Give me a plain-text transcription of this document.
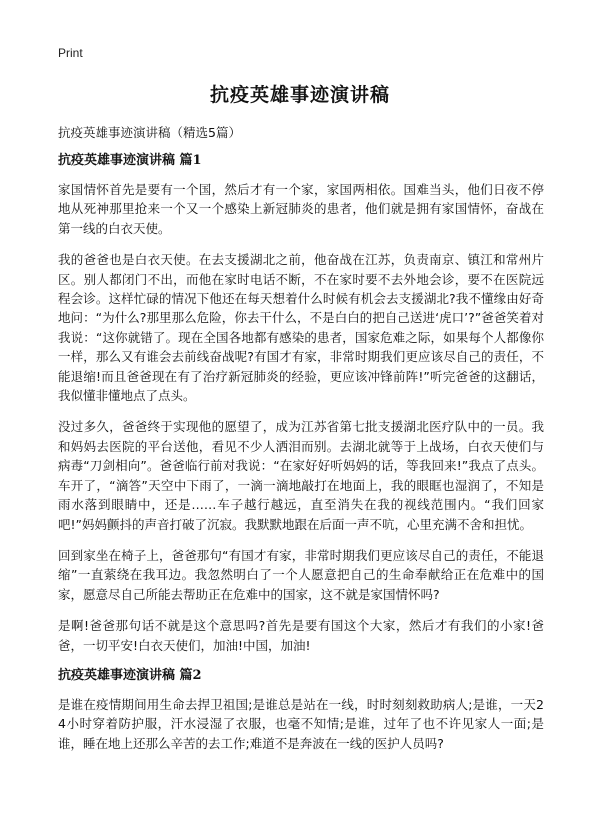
Print
抗疫英雄事迹演讲稿
抗疫英雄事迹演讲稿（精选5篇）
抗疫英雄事迹演讲稿 篇1

家国情怀首先是要有一个国，然后才有一个家，家国两相依。国难当头，他们日夜不停地从死神那里抢来一个又一个感染上新冠肺炎的患者，他们就是拥有家国情怀，奋战在第一线的白衣天使。

我的爸爸也是白衣天使。在去支援湖北之前，他奋战在江苏，负责南京、镇江和常州片区。别人都闭门不出，而他在家时电话不断，不在家时要不去外地会诊，要不在医院远程会诊。这样忙碌的情况下他还在每天想着什么时候有机会去支援湖北?我不懂缘由好奇地问：“为什么?那里那么危险，你去干什么，不是白白的把自己送进‘虎口’?”爸爸笑着对我说：“这你就错了。现在全国各地都有感染的患者，国家危难之际，如果每个人都像你一样，那么又有谁会去前线奋战呢?有国才有家，非常时期我们更应该尽自己的责任，不能退缩!而且爸爸现在有了治疗新冠肺炎的经验，更应该冲锋前阵!”听完爸爸的这翻话，我似懂非懂地点了点头。

没过多久，爸爸终于实现他的愿望了，成为江苏省第七批支援湖北医疗队中的一员。我和妈妈去医院的平台送他，看见不少人洒泪而别。去湖北就等于上战场，白衣天使们与病毒“刀剑相向”。爸爸临行前对我说：“在家好好听妈妈的话，等我回来!”我点了点头。车开了，“滴答”天空中下雨了，一滴一滴地敲打在地面上，我的眼眶也湿润了，不知是雨水落到眼睛中，还是……车子越行越远，直至消失在我的视线范围内。“我们回家吧!”妈妈颤抖的声音打破了沉寂。我默默地跟在后面一声不吭，心里充满不舍和担忧。

回到家坐在椅子上，爸爸那句“有国才有家，非常时期我们更应该尽自己的责任，不能退缩”一直萦绕在我耳边。我忽然明白了一个人愿意把自己的生命奉献给正在危难中的国家，愿意尽自己所能去帮助正在危难中的国家，这不就是家国情怀吗?

是啊!爸爸那句话不就是这个意思吗?首先是要有国这个大家，然后才有我们的小家!爸爸，一切平安!白衣天使们，加油!中国，加油!

抗疫英雄事迹演讲稿 篇2

是谁在疫情期间用生命去捍卫祖国;是谁总是站在一线，时时刻刻救助病人;是谁，一天24小时穿着防护服，汗水浸湿了衣服，也毫不知情;是谁，过年了也不许见家人一面;是谁，睡在地上还那么辛苦的去工作;难道不是奔波在一线的医护人员吗?
